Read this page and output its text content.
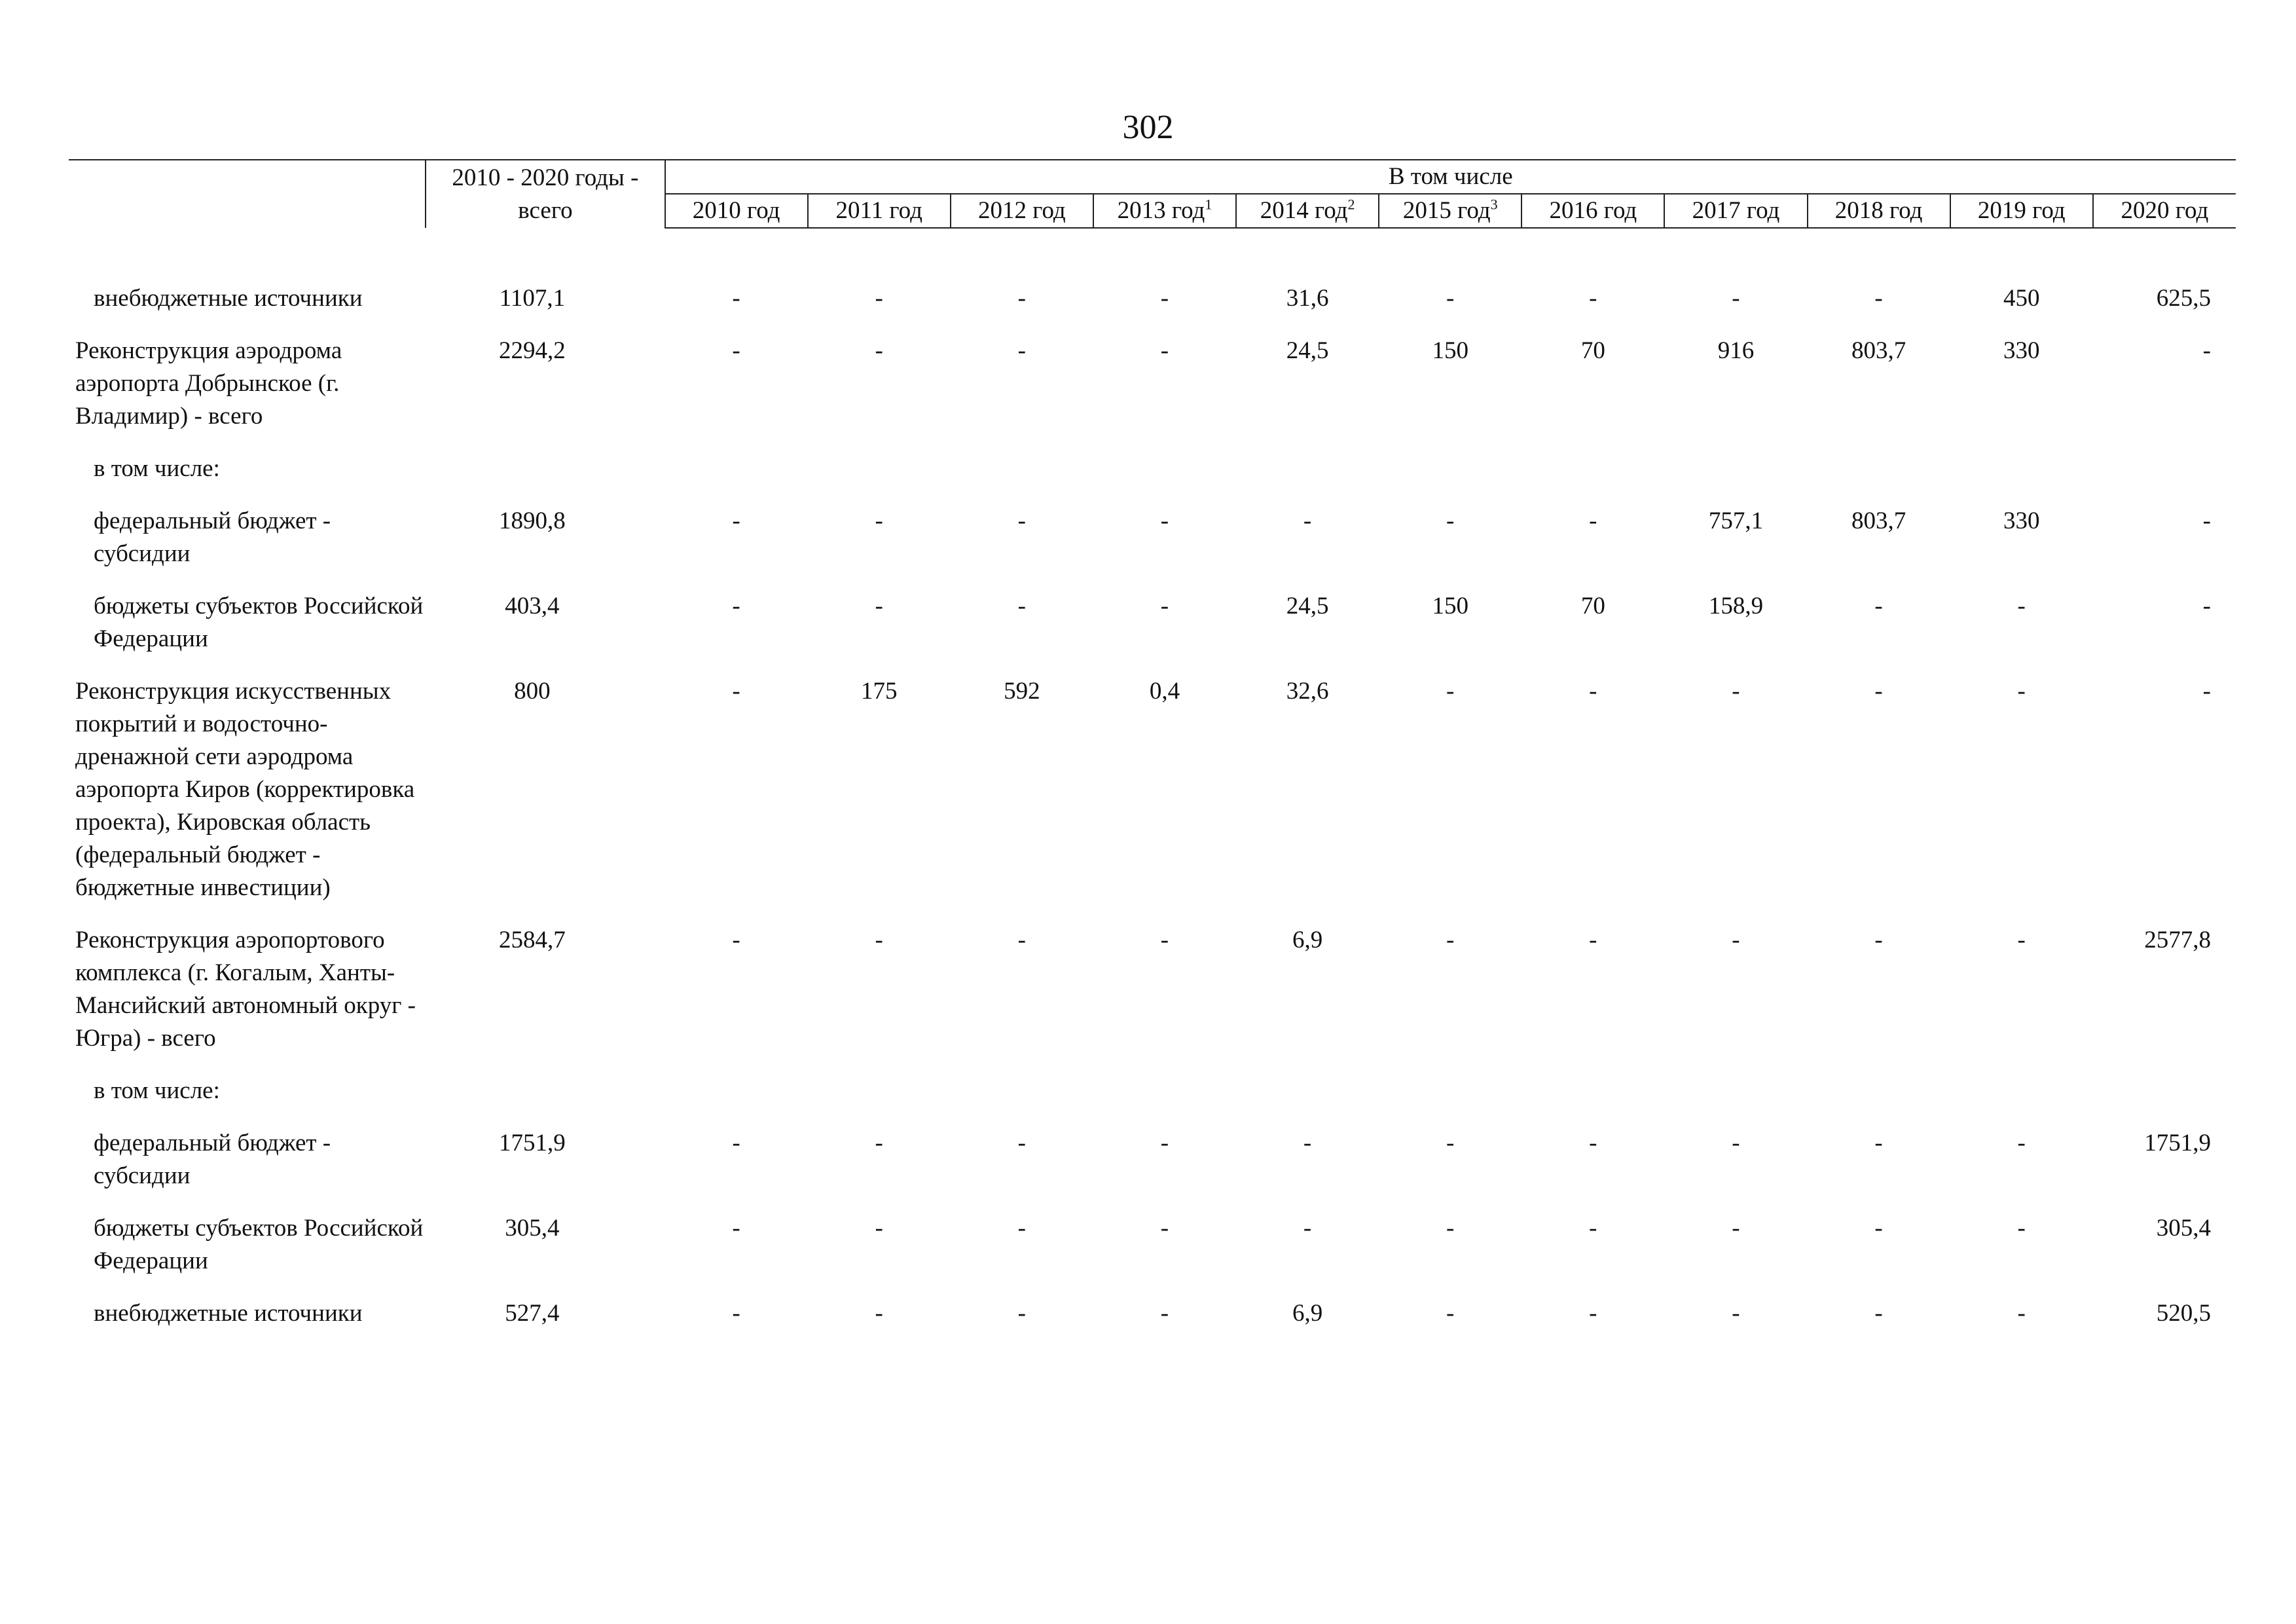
302
	2010 - 2020 годы - всего	В том числе										
		2010 год	2011 год	2012 год	2013 год$^1$	2014 год$^2$	2015 год$^3$	2016 год	2017 год	2018 год	2019 год	2020 год

внебюджетные источники	1107,1	-	-	-	-	31,6	-	-	-	-	450	625,5
Реконструкция аэродрома аэропорта Добрынское (г. Владимир) - всего	2294,2	-	-	-	-	24,5	150	70	916	803,7	330	-
в том числе:												
федеральный бюджет - субсидии	1890,8	-	-	-	-	-	-	-	757,1	803,7	330	-
бюджеты субъектов Российской Федерации	403,4	-	-	-	-	24,5	150	70	158,9	-	-	-
Реконструкция искусственных покрытий и водосточно-дренажной сети аэродрома аэропорта Киров (корректировка проекта), Кировская область (федеральный бюджет - бюджетные инвестиции)	800	-	175	592	0,4	32,6	-	-	-	-	-	-
Реконструкция аэропортового комплекса (г. Когалым, Ханты-Мансийский автономный округ - Югра) - всего	2584,7	-	-	-	-	6,9	-	-	-	-	-	2577,8
в том числе:												
федеральный бюджет - субсидии	1751,9	-	-	-	-	-	-	-	-	-	-	1751,9
бюджеты субъектов Российской Федерации	305,4	-	-	-	-	-	-	-	-	-	-	305,4
внебюджетные источники	527,4	-	-	-	-	6,9	-	-	-	-	-	520,5
